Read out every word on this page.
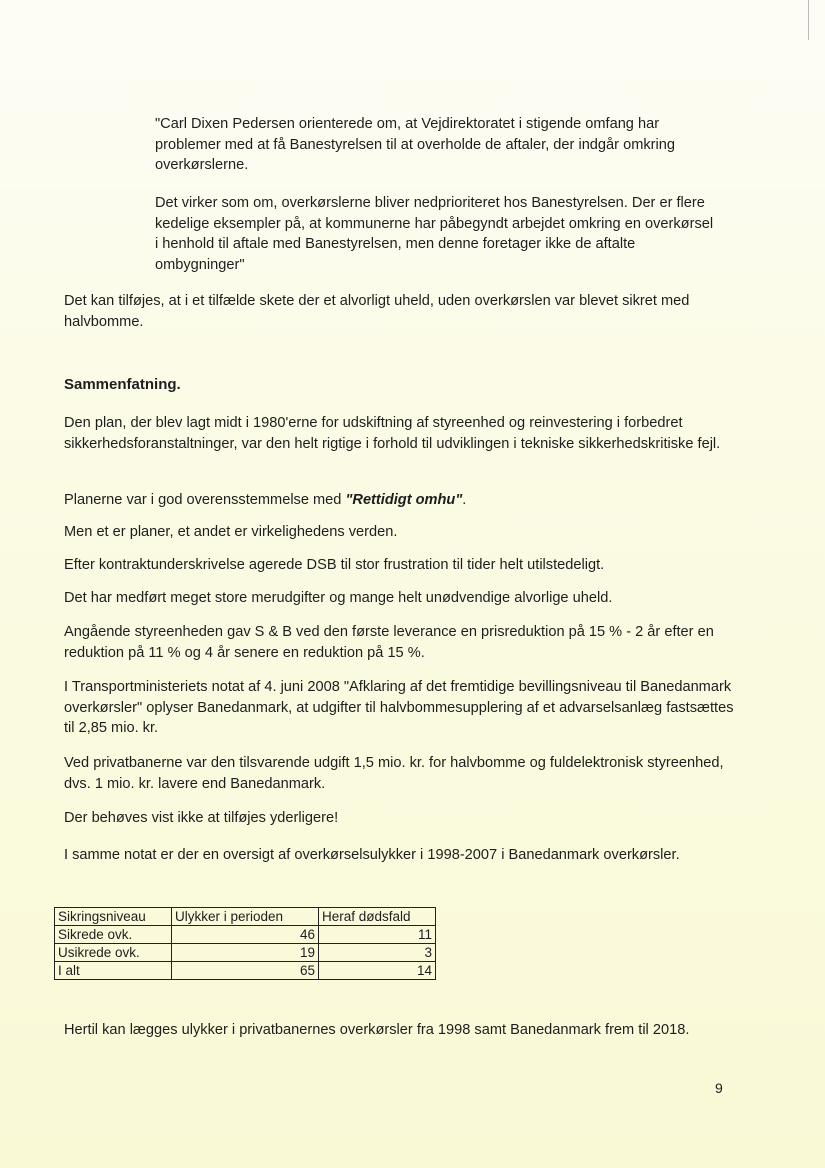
"Carl Dixen Pedersen orienterede om, at Vejdirektoratet i stigende omfang har problemer med at få Banestyrelsen til at overholde de aftaler, der indgår omkring overkørslerne.

Det virker som om, overkørslerne bliver nedprioriteret hos Banestyrelsen. Der er flere kedelige eksempler på, at kommunerne har påbegyndt arbejdet omkring en overkørsel i henhold til aftale med Banestyrelsen, men denne foretager ikke de aftalte ombygninger"

Det kan tilføjes, at i et tilfælde skete der et alvorligt uheld, uden overkørslen var blevet sikret med halvbomme.

Sammenfatning.

Den plan, der blev lagt midt i 1980'erne for udskiftning af styreenhed og reinvestering i forbedret sikkerhedsforanstaltninger, var den helt rigtige i forhold til udviklingen i tekniske sikkerhedskritiske fejl.

Planerne var i god overensstemmelse med "Rettidigt omhu".

Men et er planer, et andet er virkelighedens verden.

Efter kontraktunderskrivelse agerede DSB til stor frustration til tider helt utilstedeligt.

Det har medført meget store merudgifter og mange helt unødvendige alvorlige uheld.

Angående styreenheden gav S & B ved den første leverance en prisreduktion på 15 % - 2 år efter en reduktion på 11 % og 4 år senere en reduktion på 15 %.

I Transportministeriets notat af 4. juni 2008 "Afklaring af det fremtidige bevillingsniveau til Banedanmark overkørsler" oplyser Banedanmark, at udgifter til halvbommesupplering af et advarselsanlæg fastsættes til 2,85 mio. kr.

Ved privatbanerne var den tilsvarende udgift 1,5 mio. kr. for halvbomme og fuldelektronisk styreenhed, dvs. 1 mio. kr. lavere end Banedanmark.

Der behøves vist ikke at tilføjes yderligere!

I samme notat er der en oversigt af overkørselsulykker i 1998-2007 i Banedanmark overkørsler.

Sikringsniveau	Ulykker i perioden	Heraf dødsfald
Sikrede ovk.	46	11
Usikrede ovk.	19	3
I alt	65	14

Hertil kan lægges ulykker i privatbanernes overkørsler fra 1998 samt Banedanmark frem til 2018.

9
